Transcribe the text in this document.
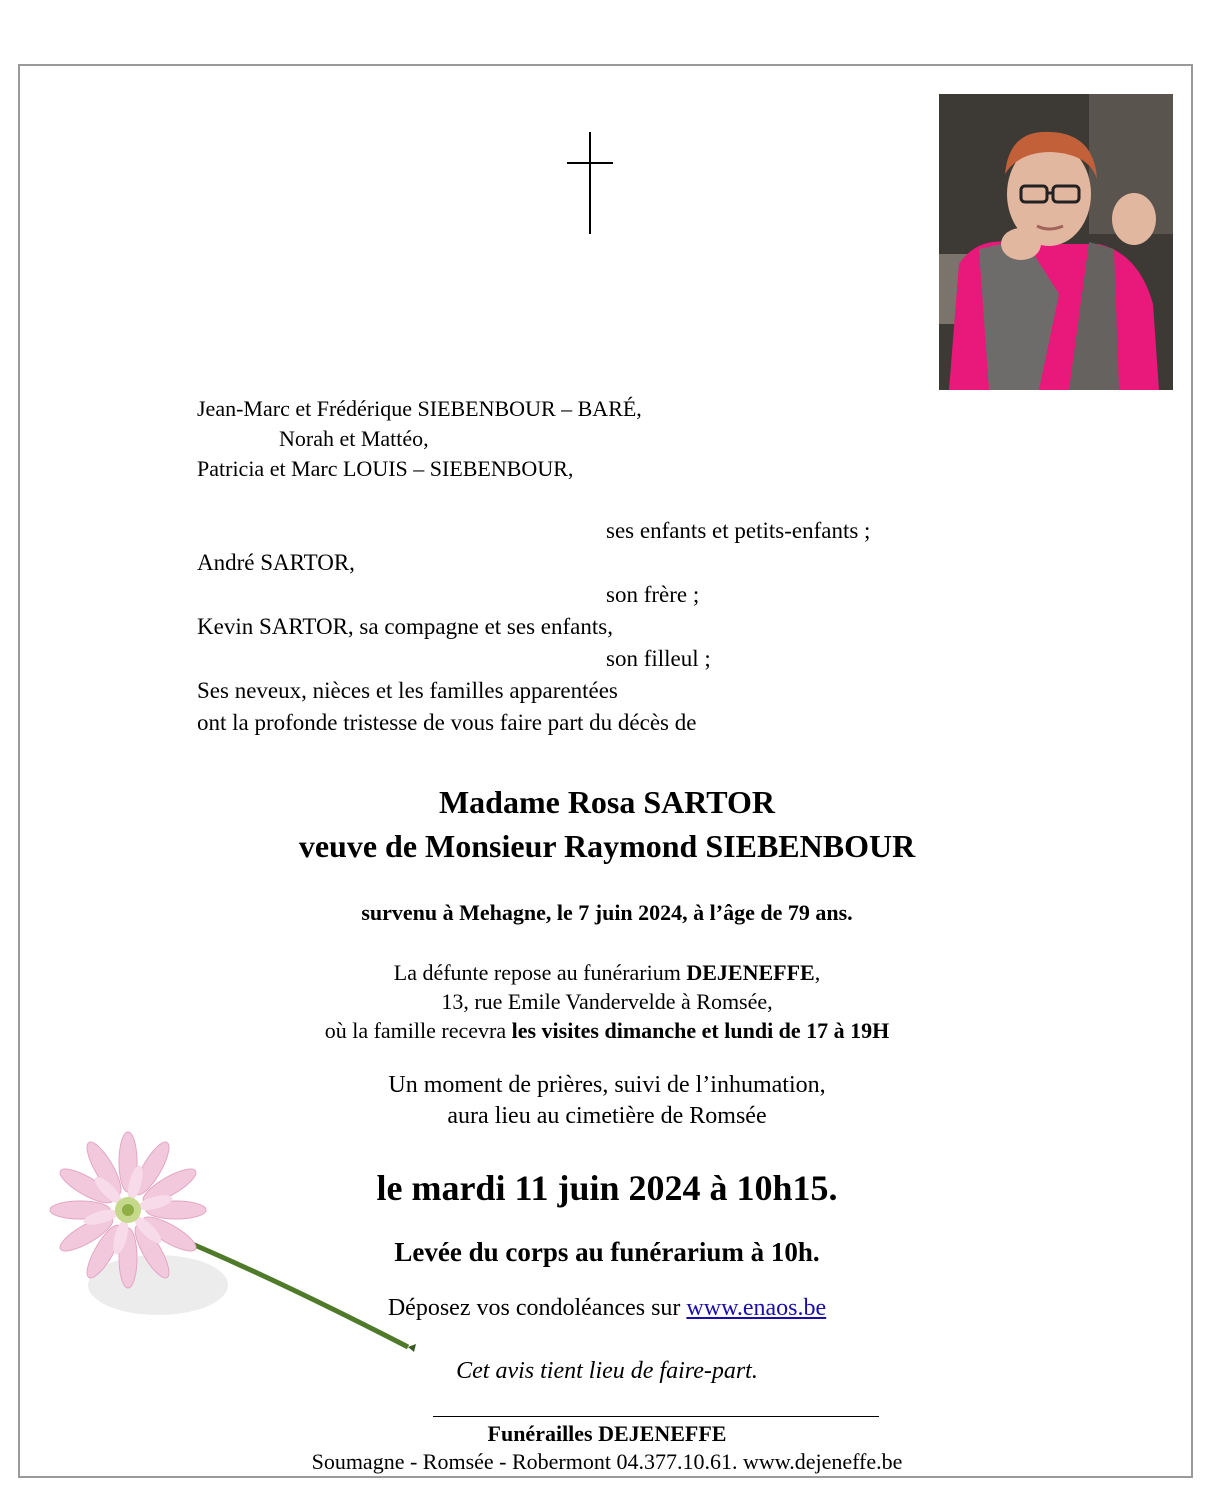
Jean-Marc et Frédérique SIEBENBOUR – BARÉ,
Norah et Mattéo,
Patricia et Marc LOUIS – SIEBENBOUR,
ses enfants et petits-enfants ;
André SARTOR,
son frère ;
Kevin SARTOR, sa compagne et ses enfants,
son filleul ;
Ses neveux, nièces et les familles apparentées
ont la profonde tristesse de vous faire part du décès de
Madame Rosa SARTOR
veuve de Monsieur Raymond SIEBENBOUR
survenu à Mehagne, le 7 juin 2024, à l’âge de 79 ans.
La défunte repose au funérarium DEJENEFFE,
13, rue Emile Vandervelde à Romsée,
où la famille recevra les visites dimanche et lundi de 17 à 19H
Un moment de prières, suivi de l’inhumation,
aura lieu au cimetière de Romsée
le mardi 11 juin 2024 à 10h15.
Levée du corps au funérarium à 10h.
Déposez vos condoléances sur www.enaos.be
Cet avis tient lieu de faire-part.
Funérailles DEJENEFFE
Soumagne - Romsée - Robermont 04.377.10.61. www.dejeneffe.be
